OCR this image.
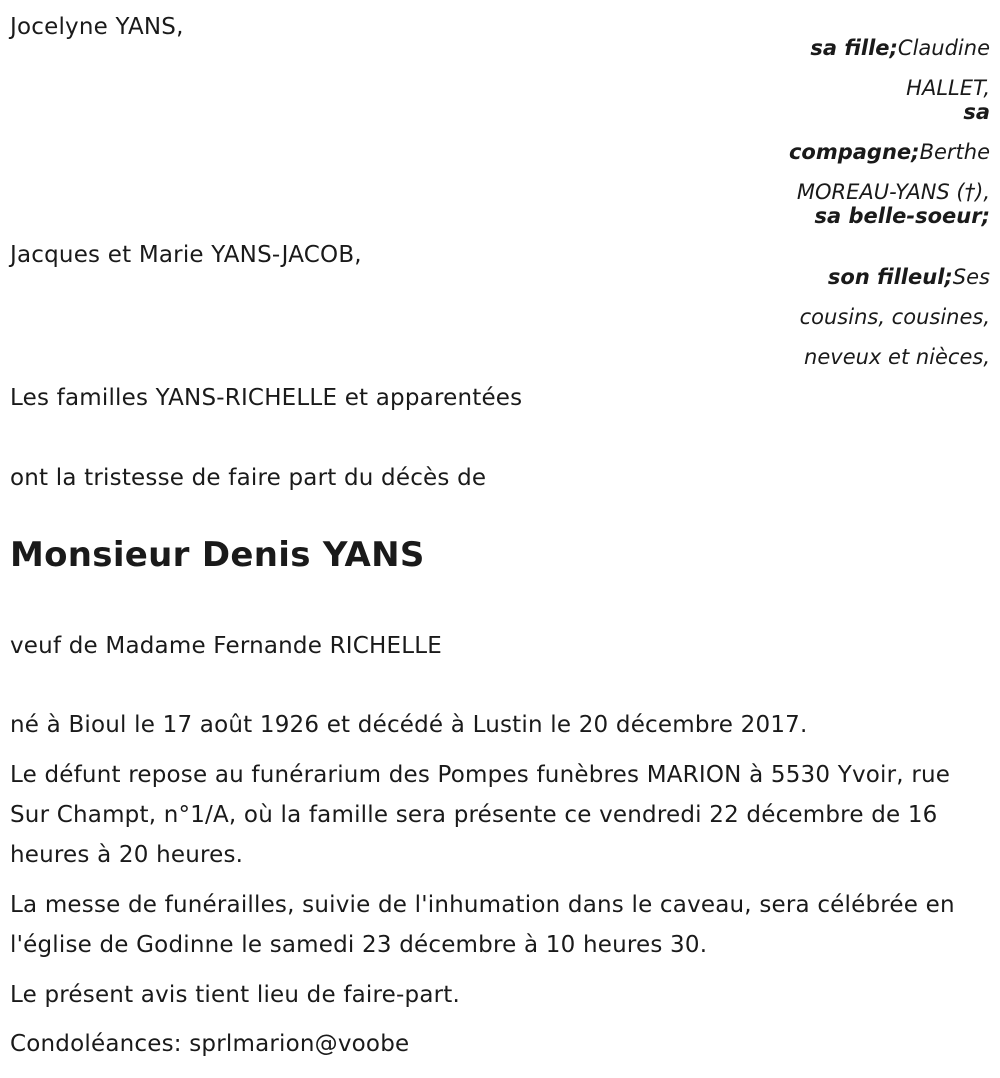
Jocelyne YANS,
Jacques et Marie YANS-JACOB,
Les familles YANS-RICHELLE et apparentées
sa fille;Claudine
HALLET,
sa
compagne;Berthe
MOREAU-YANS (†),
sa belle-soeur;
son filleul;Ses
cousins, cousines,
neveux et nièces,
ont la tristesse de faire part du décès de
Monsieur Denis YANS
veuf de Madame Fernande RICHELLE
né à Bioul le 17 août 1926 et décédé à Lustin le 20 décembre 2017.
Le défunt repose au funérarium des Pompes funèbres MARION à 5530 Yvoir, rue Sur Champt, n°1/A, où la famille sera présente ce vendredi 22 décembre de 16 heures à 20 heures.
La messe de funérailles, suivie de l'inhumation dans le caveau, sera célébrée en l'église de Godinne le samedi 23 décembre à 10 heures 30.
Le présent avis tient lieu de faire-part.
Condoléances: sprlmarion@voobe
